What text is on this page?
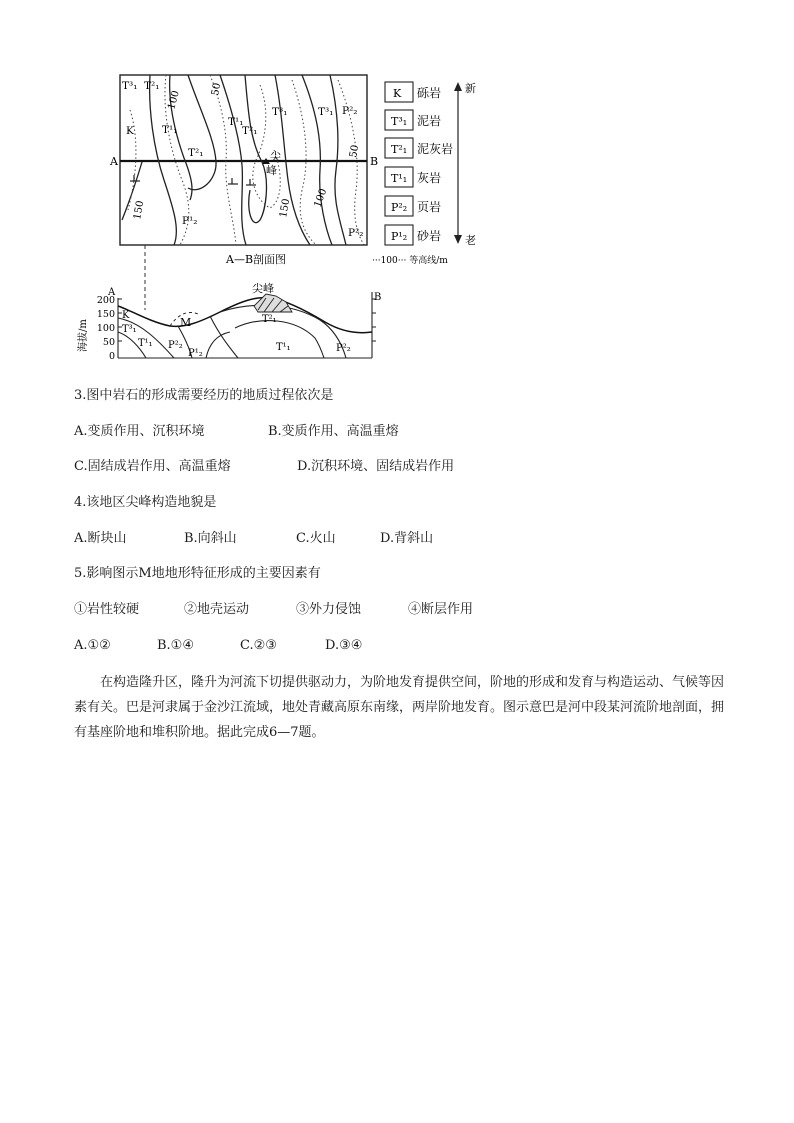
100
50
150	150 100
50
T³₁ T²₁
K	T¹₁
T¹₁
T²₁
T³₁	T³₁ P²₂
P¹₂
P²₂
T²₁	尖
峰
A	B
A—B剖面图	···100··· 等高线/m
K 砾岩
T³₁ 泥岩
T²₁ 泥灰岩
T¹₁ 灰岩
P²₂ 页岩
P¹₂ 砂岩
新
老
A	B
海拔/m
200
150
100
50
0
尖峰
M
K
T³₁
T¹₁ P²₂
P¹₂
T¹₁	P²₂
T²₁
3.图中岩石的形成需要经历的地质过程依次是
A.变质作用、沉积环境	B.变质作用、高温重熔
C.固结成岩作用、高温重熔	D.沉积环境、固结成岩作用
4.该地区尖峰构造地貌是
A.断块山	B.向斜山	C.火山	D.背斜山
5.影响图示M地地形特征形成的主要因素有
①岩性较硬	②地壳运动	③外力侵蚀	④断层作用
A.①②	B.①④	C.②③	D.③④
在构造隆升区，隆升为河流下切提供驱动力，为阶地发育提供空间，阶地的形成和发育与构造运动、气候等因素有关。巴是河隶属于金沙江流域，地处青藏高原东南缘，两岸阶地发育。图示意巴是河中段某河流阶地剖面，拥有基座阶地和堆积阶地。据此完成6—7题。
